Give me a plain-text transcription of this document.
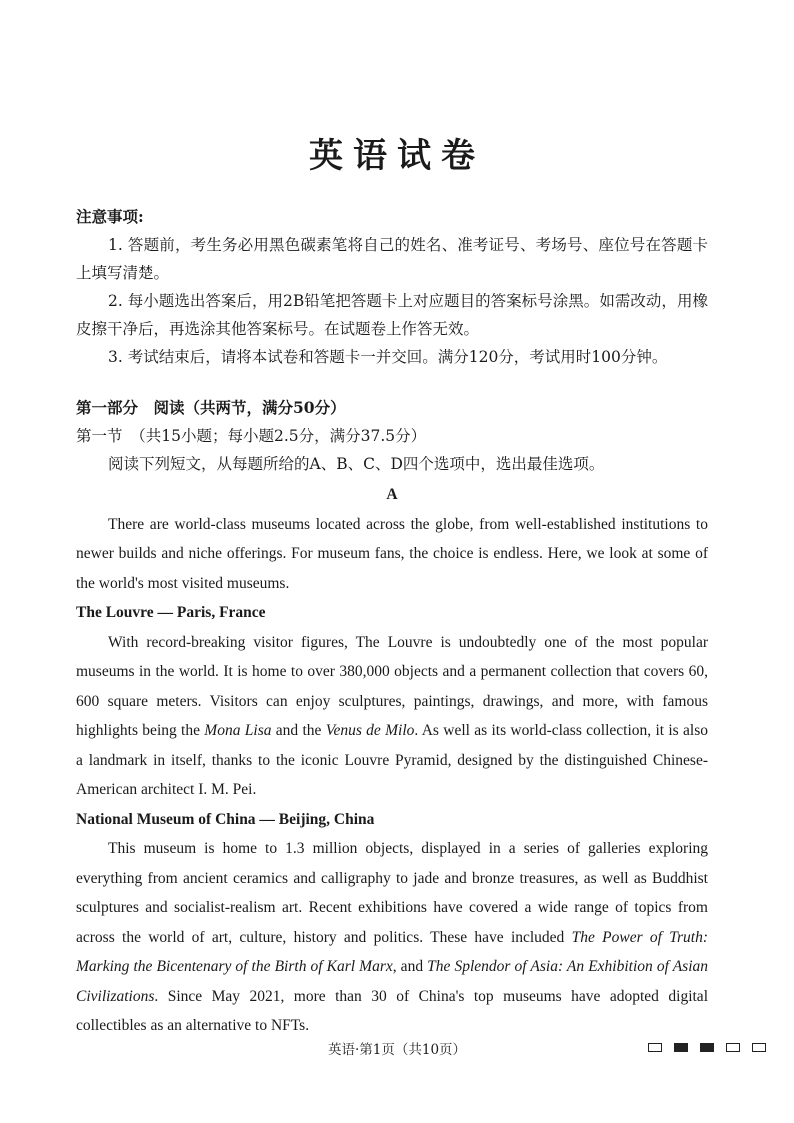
英语试卷
注意事项:
1. 答题前，考生务必用黑色碳素笔将自己的姓名、准考证号、考场号、座位号在答题卡上填写清楚。
2. 每小题选出答案后，用2B铅笔把答题卡上对应题目的答案标号涂黑。如需改动，用橡皮擦干净后，再选涂其他答案标号。在试题卷上作答无效。
3. 考试结束后，请将本试卷和答题卡一并交回。满分120分，考试用时100分钟。
第一部分　阅读（共两节，满分50分）
第一节　（共15小题；每小题2.5分，满分37.5分）
阅读下列短文，从每题所给的A、B、C、D四个选项中，选出最佳选项。
A
There are world-class museums located across the globe, from well-established institutions to newer builds and niche offerings. For museum fans, the choice is endless. Here, we look at some of the world's most visited museums.
The Louvre — Paris, France
With record-breaking visitor figures, The Louvre is undoubtedly one of the most popular museums in the world. It is home to over 380,000 objects and a permanent collection that covers 60, 600 square meters. Visitors can enjoy sculptures, paintings, drawings, and more, with famous highlights being the Mona Lisa and the Venus de Milo. As well as its world-class collection, it is also a landmark in itself, thanks to the iconic Louvre Pyramid, designed by the distinguished Chinese-American architect I. M. Pei.
National Museum of China — Beijing, China
This museum is home to 1.3 million objects, displayed in a series of galleries exploring everything from ancient ceramics and calligraphy to jade and bronze treasures, as well as Buddhist sculptures and socialist-realism art. Recent exhibitions have covered a wide range of topics from across the world of art, culture, history and politics. These have included The Power of Truth: Marking the Bicentenary of the Birth of Karl Marx, and The Splendor of Asia: An Exhibition of Asian Civilizations. Since May 2021, more than 30 of China's top museums have adopted digital collectibles as an alternative to NFTs.
英语·第1页（共10页）
